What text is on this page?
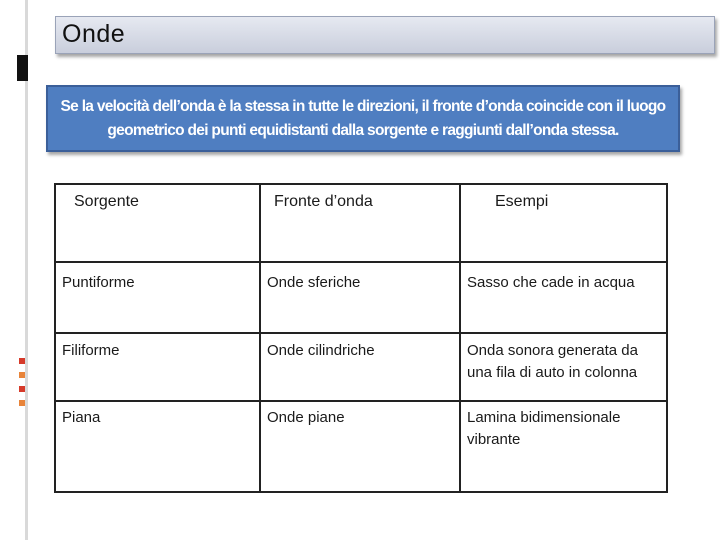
Onde
Se la velocità dell’onda è la stessa in tutte le direzioni, il fronte d’onda coincide con il luogo geometrico dei punti equidistanti dalla sorgente e raggiunti dall’onda stessa.
Sorgente	Fronte d’onda	Esempi
Puntiforme	Onde sferiche	Sasso che cade in acqua
Filiforme	Onde cilindriche	Onda sonora generata da una fila di auto in colonna
Piana	Onde piane	Lamina bidimensionale vibrante
